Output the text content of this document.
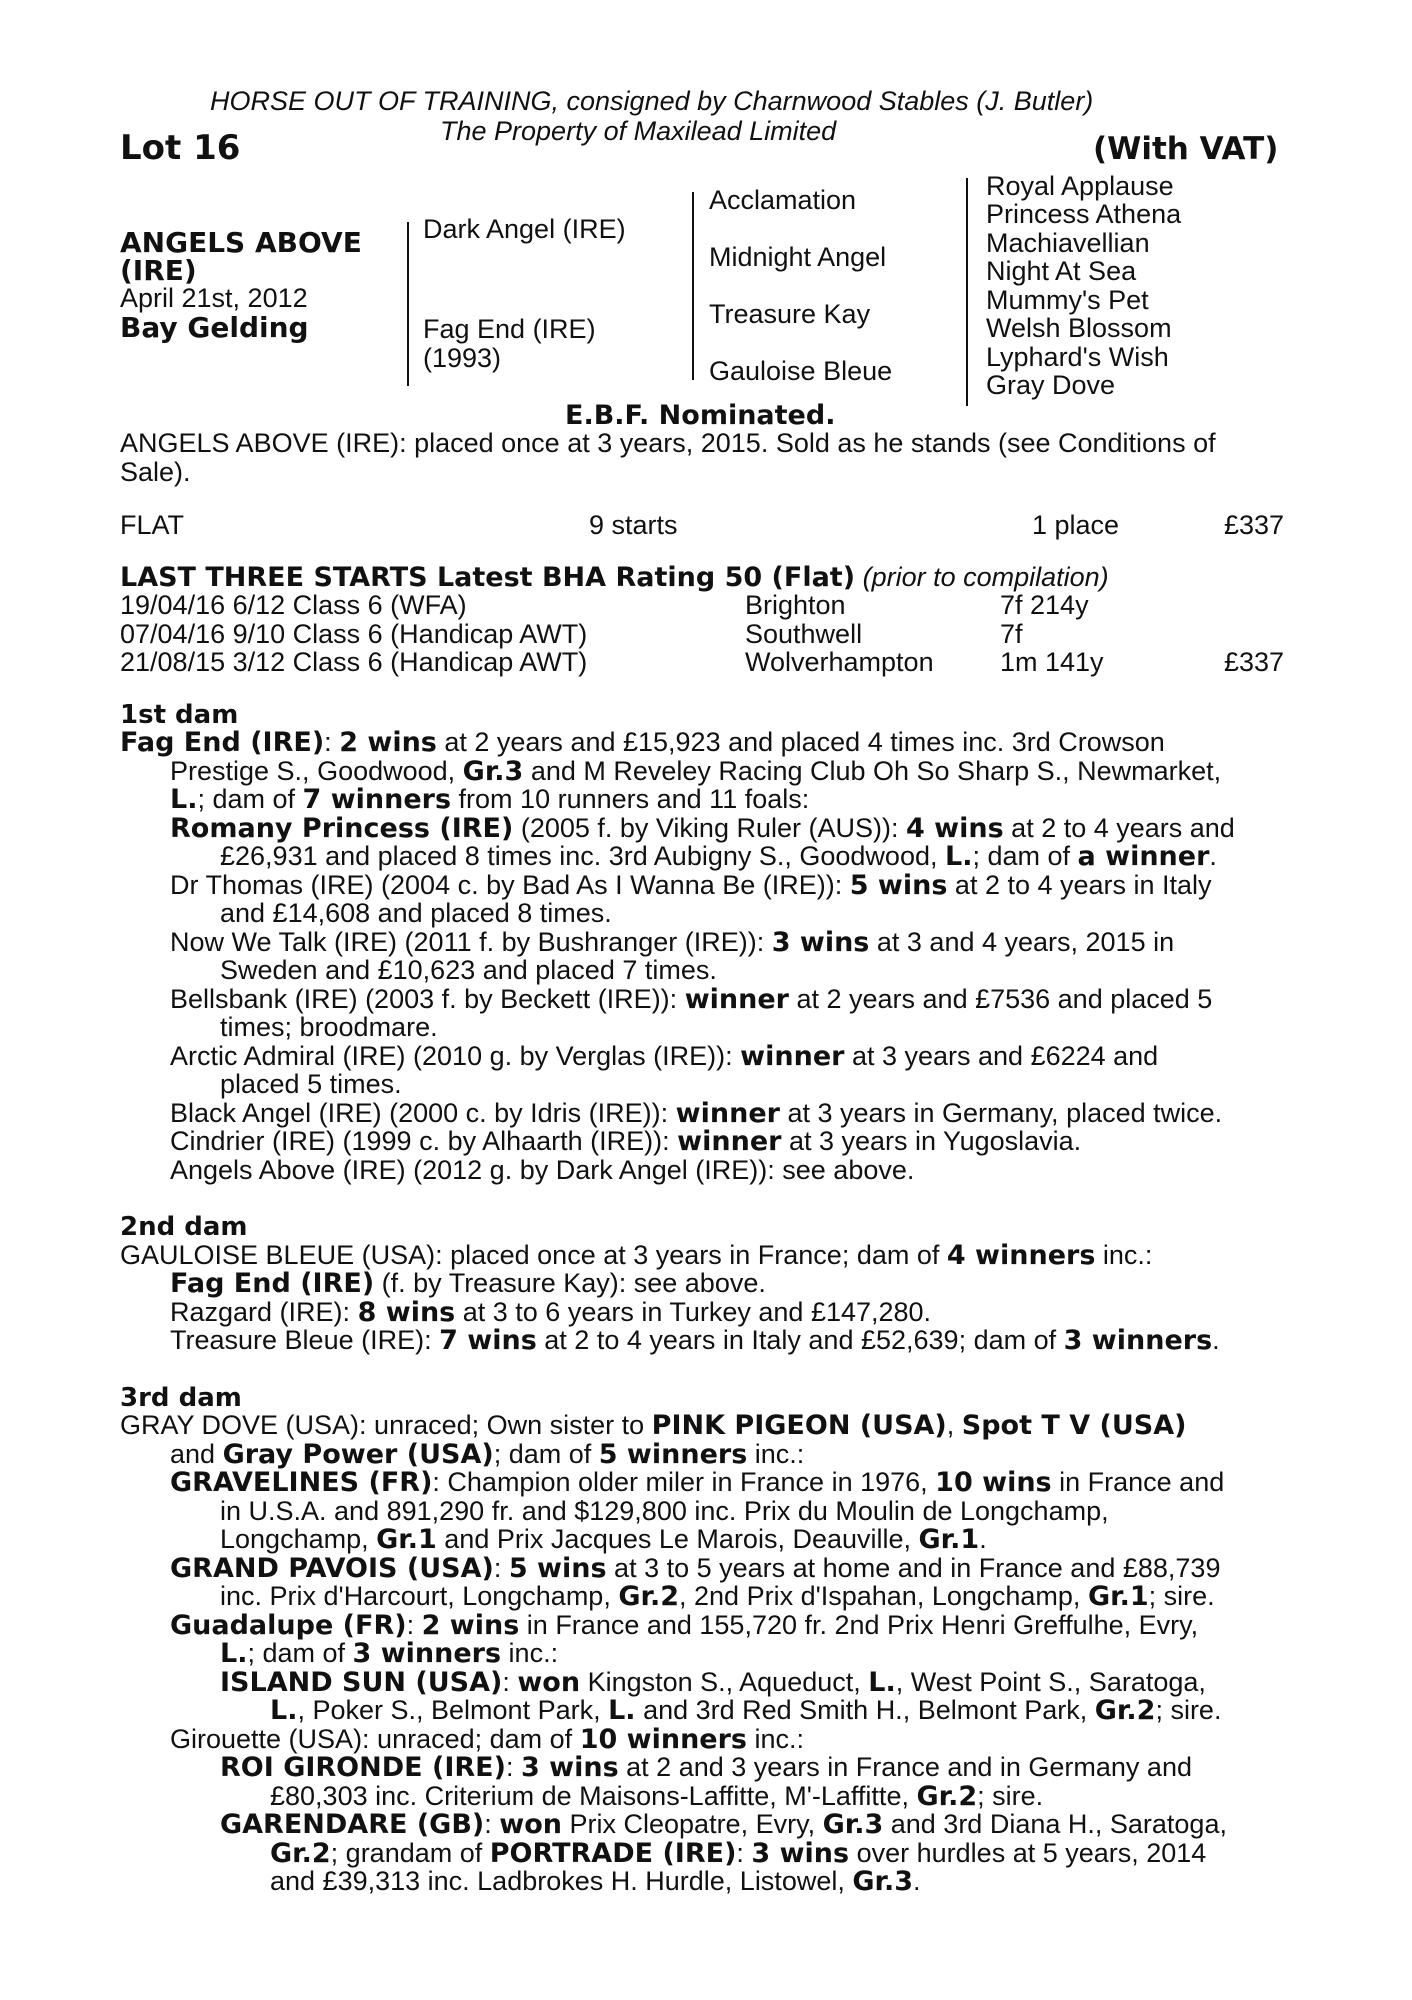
HORSE OUT OF TRAINING, consigned by Charnwood Stables (J. Butler)
The Property of Maxilead Limited
Lot 16	(With VAT)
ANGELS ABOVE
(IRE)
April 21st, 2012
Bay Gelding
Dark Angel (IRE)
Fag End (IRE)
(1993)
Acclamation
Midnight Angel
Treasure Kay
Gauloise Bleue
Royal Applause
Princess Athena
Machiavellian
Night At Sea
Mummy's Pet
Welsh Blossom
Lyphard's Wish
Gray Dove
E.B.F. Nominated.
ANGELS ABOVE (IRE): placed once at 3 years, 2015. Sold as he stands (see Conditions of
Sale).
FLAT	9 starts	1 place	£337
LAST THREE STARTS Latest BHA Rating 50 (Flat) (prior to compilation)
19/04/16 6/12 Class 6 (WFA)	Brighton	7f 214y
07/04/16 9/10 Class 6 (Handicap AWT)	Southwell	7f
21/08/15 3/12 Class 6 (Handicap AWT)	Wolverhampton 1m 141y	£337
1st dam
Fag End (IRE): 2 wins at 2 years and £15,923 and placed 4 times inc. 3rd Crowson
Prestige S., Goodwood, Gr.3 and M Reveley Racing Club Oh So Sharp S., Newmarket,
L.; dam of 7 winners from 10 runners and 11 foals:
Romany Princess (IRE) (2005 f. by Viking Ruler (AUS)): 4 wins at 2 to 4 years and
£26,931 and placed 8 times inc. 3rd Aubigny S., Goodwood, L.; dam of a winner.
Dr Thomas (IRE) (2004 c. by Bad As I Wanna Be (IRE)): 5 wins at 2 to 4 years in Italy
and £14,608 and placed 8 times.
Now We Talk (IRE) (2011 f. by Bushranger (IRE)): 3 wins at 3 and 4 years, 2015 in
Sweden and £10,623 and placed 7 times.
Bellsbank (IRE) (2003 f. by Beckett (IRE)): winner at 2 years and £7536 and placed 5
times; broodmare.
Arctic Admiral (IRE) (2010 g. by Verglas (IRE)): winner at 3 years and £6224 and
placed 5 times.
Black Angel (IRE) (2000 c. by Idris (IRE)): winner at 3 years in Germany, placed twice.
Cindrier (IRE) (1999 c. by Alhaarth (IRE)): winner at 3 years in Yugoslavia.
Angels Above (IRE) (2012 g. by Dark Angel (IRE)): see above.
2nd dam
GAULOISE BLEUE (USA): placed once at 3 years in France; dam of 4 winners inc.:
Fag End (IRE) (f. by Treasure Kay): see above.
Razgard (IRE): 8 wins at 3 to 6 years in Turkey and £147,280.
Treasure Bleue (IRE): 7 wins at 2 to 4 years in Italy and £52,639; dam of 3 winners.
3rd dam
GRAY DOVE (USA): unraced; Own sister to PINK PIGEON (USA), Spot T V (USA)
and Gray Power (USA); dam of 5 winners inc.:
GRAVELINES (FR): Champion older miler in France in 1976, 10 wins in France and
in U.S.A. and 891,290 fr. and $129,800 inc. Prix du Moulin de Longchamp,
Longchamp, Gr.1 and Prix Jacques Le Marois, Deauville, Gr.1.
GRAND PAVOIS (USA): 5 wins at 3 to 5 years at home and in France and £88,739
inc. Prix d'Harcourt, Longchamp, Gr.2, 2nd Prix d'Ispahan, Longchamp, Gr.1; sire.
Guadalupe (FR): 2 wins in France and 155,720 fr. 2nd Prix Henri Greffulhe, Evry,
L.; dam of 3 winners inc.:
ISLAND SUN (USA): won Kingston S., Aqueduct, L., West Point S., Saratoga,
L., Poker S., Belmont Park, L. and 3rd Red Smith H., Belmont Park, Gr.2; sire.
Girouette (USA): unraced; dam of 10 winners inc.:
ROI GIRONDE (IRE): 3 wins at 2 and 3 years in France and in Germany and
£80,303 inc. Criterium de Maisons-Laffitte, M'-Laffitte, Gr.2; sire.
GARENDARE (GB): won Prix Cleopatre, Evry, Gr.3 and 3rd Diana H., Saratoga,
Gr.2; grandam of PORTRADE (IRE): 3 wins over hurdles at 5 years, 2014
and £39,313 inc. Ladbrokes H. Hurdle, Listowel, Gr.3.
